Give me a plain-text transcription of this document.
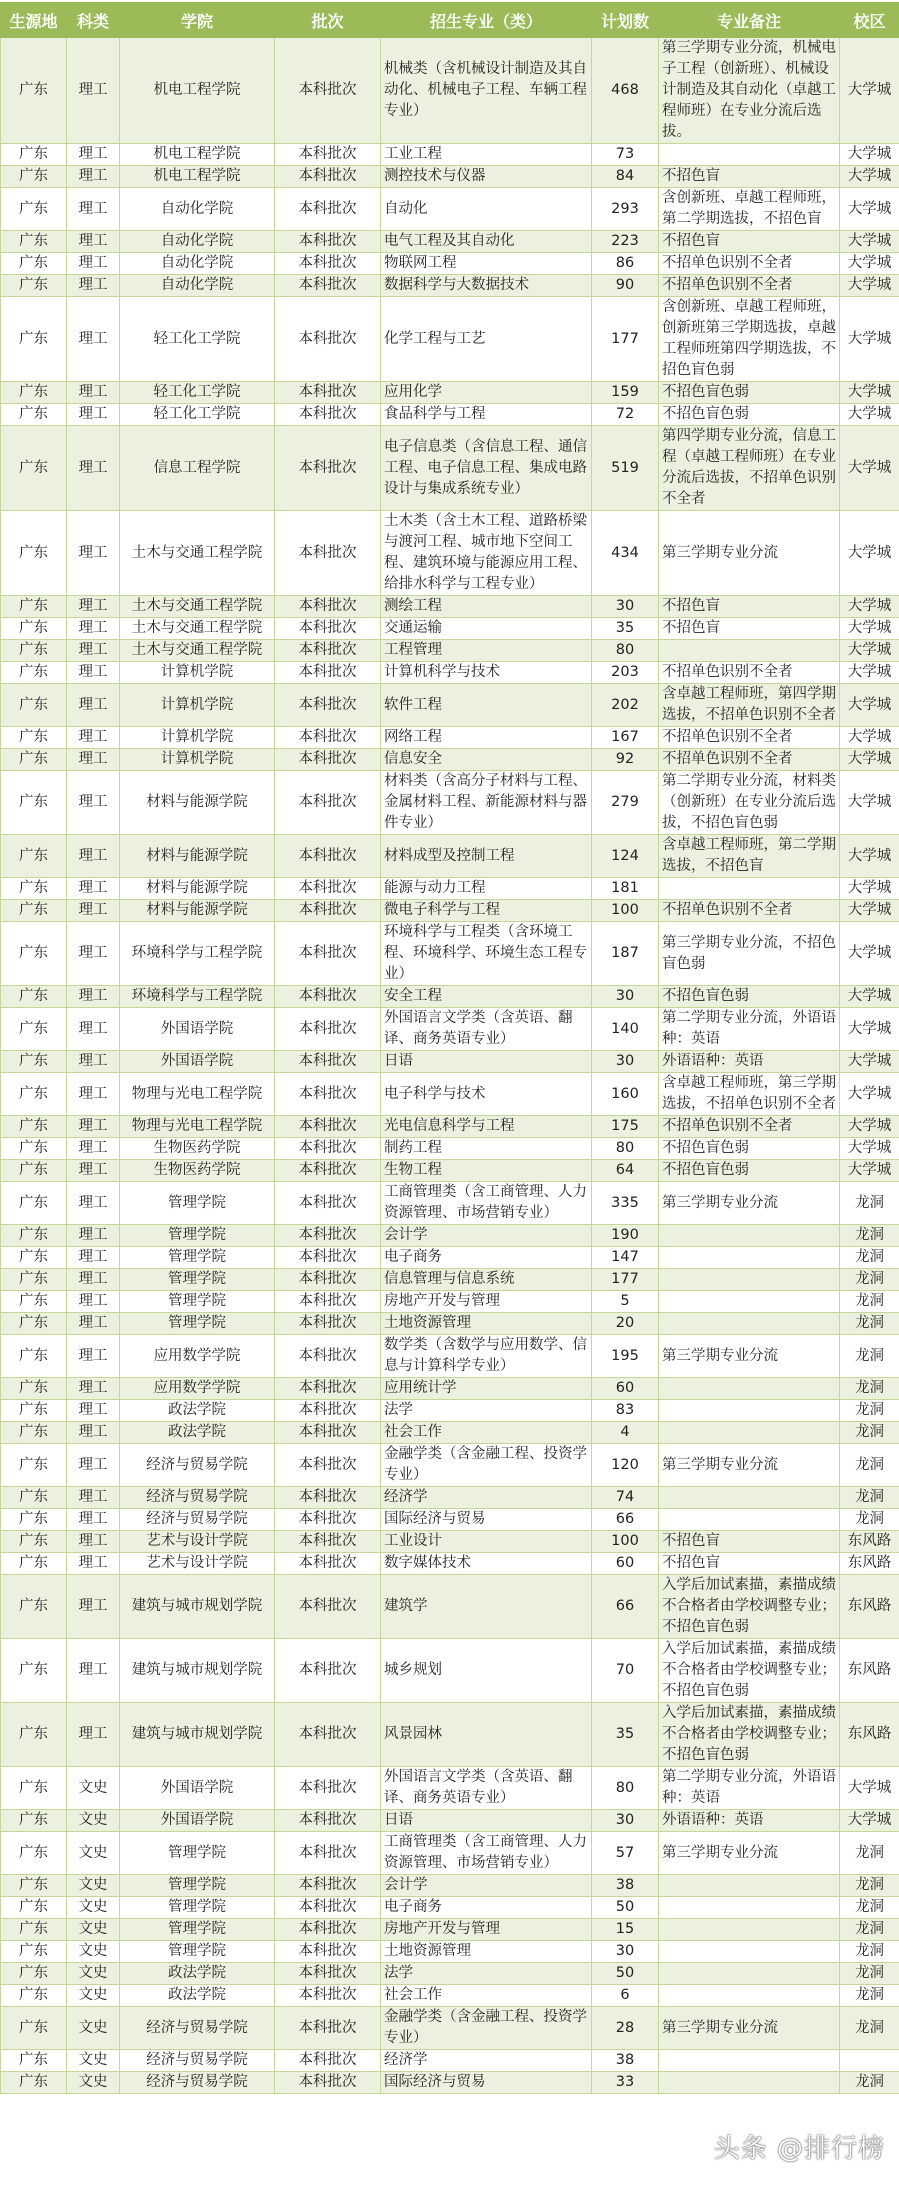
生源地	科类	学院	批次	招生专业（类）	计划数	专业备注	校区
广东	理工	机电工程学院	本科批次	机械类（含机械设计制造及其自动化、机械电子工程、车辆工程专业）	468	第三学期专业分流，机械电子工程（创新班）、机械设计制造及其自动化（卓越工程师班）在专业分流后选拔。	大学城
广东	理工	机电工程学院	本科批次	工业工程	73		大学城
广东	理工	机电工程学院	本科批次	测控技术与仪器	84	不招色盲	大学城
广东	理工	自动化学院	本科批次	自动化	293	含创新班、卓越工程师班，第二学期选拔，不招色盲	大学城
广东	理工	自动化学院	本科批次	电气工程及其自动化	223	不招色盲	大学城
广东	理工	自动化学院	本科批次	物联网工程	86	不招单色识别不全者	大学城
广东	理工	自动化学院	本科批次	数据科学与大数据技术	90	不招单色识别不全者	大学城
广东	理工	轻工化工学院	本科批次	化学工程与工艺	177	含创新班、卓越工程师班，创新班第三学期选拔，卓越工程师班第四学期选拔，不招色盲色弱	大学城
广东	理工	轻工化工学院	本科批次	应用化学	159	不招色盲色弱	大学城
广东	理工	轻工化工学院	本科批次	食品科学与工程	72	不招色盲色弱	大学城
广东	理工	信息工程学院	本科批次	电子信息类（含信息工程、通信工程、电子信息工程、集成电路设计与集成系统专业）	519	第四学期专业分流，信息工程（卓越工程师班）在专业分流后选拔，不招单色识别不全者	大学城
广东	理工	土木与交通工程学院	本科批次	土木类（含土木工程、道路桥梁与渡河工程、城市地下空间工程、建筑环境与能源应用工程、给排水科学与工程专业）	434	第三学期专业分流	大学城
广东	理工	土木与交通工程学院	本科批次	测绘工程	30	不招色盲	大学城
广东	理工	土木与交通工程学院	本科批次	交通运输	35	不招色盲	大学城
广东	理工	土木与交通工程学院	本科批次	工程管理	80		大学城
广东	理工	计算机学院	本科批次	计算机科学与技术	203	不招单色识别不全者	大学城
广东	理工	计算机学院	本科批次	软件工程	202	含卓越工程师班，第四学期选拔，不招单色识别不全者	大学城
广东	理工	计算机学院	本科批次	网络工程	167	不招单色识别不全者	大学城
广东	理工	计算机学院	本科批次	信息安全	92	不招单色识别不全者	大学城
广东	理工	材料与能源学院	本科批次	材料类（含高分子材料与工程、金属材料工程、新能源材料与器件专业）	279	第二学期专业分流，材料类（创新班）在专业分流后选拔，不招色盲色弱	大学城
广东	理工	材料与能源学院	本科批次	材料成型及控制工程	124	含卓越工程师班，第二学期选拔，不招色盲	大学城
广东	理工	材料与能源学院	本科批次	能源与动力工程	181		大学城
广东	理工	材料与能源学院	本科批次	微电子科学与工程	100	不招单色识别不全者	大学城
广东	理工	环境科学与工程学院	本科批次	环境科学与工程类（含环境工程、环境科学、环境生态工程专业）	187	第三学期专业分流，不招色盲色弱	大学城
广东	理工	环境科学与工程学院	本科批次	安全工程	30	不招色盲色弱	大学城
广东	理工	外国语学院	本科批次	外国语言文学类（含英语、翻译、商务英语专业）	140	第二学期专业分流，外语语种：英语	大学城
广东	理工	外国语学院	本科批次	日语	30	外语语种：英语	大学城
广东	理工	物理与光电工程学院	本科批次	电子科学与技术	160	含卓越工程师班，第三学期选拔，不招单色识别不全者	大学城
广东	理工	物理与光电工程学院	本科批次	光电信息科学与工程	175	不招单色识别不全者	大学城
广东	理工	生物医药学院	本科批次	制药工程	80	不招色盲色弱	大学城
广东	理工	生物医药学院	本科批次	生物工程	64	不招色盲色弱	大学城
广东	理工	管理学院	本科批次	工商管理类（含工商管理、人力资源管理、市场营销专业）	335	第三学期专业分流	龙洞
广东	理工	管理学院	本科批次	会计学	190		龙洞
广东	理工	管理学院	本科批次	电子商务	147		龙洞
广东	理工	管理学院	本科批次	信息管理与信息系统	177		龙洞
广东	理工	管理学院	本科批次	房地产开发与管理	5		龙洞
广东	理工	管理学院	本科批次	土地资源管理	20		龙洞
广东	理工	应用数学学院	本科批次	数学类（含数学与应用数学、信息与计算科学专业）	195	第三学期专业分流	龙洞
广东	理工	应用数学学院	本科批次	应用统计学	60		龙洞
广东	理工	政法学院	本科批次	法学	83		龙洞
广东	理工	政法学院	本科批次	社会工作	4		龙洞
广东	理工	经济与贸易学院	本科批次	金融学类（含金融工程、投资学专业）	120	第三学期专业分流	龙洞
广东	理工	经济与贸易学院	本科批次	经济学	74		龙洞
广东	理工	经济与贸易学院	本科批次	国际经济与贸易	66		龙洞
广东	理工	艺术与设计学院	本科批次	工业设计	100	不招色盲	东风路
广东	理工	艺术与设计学院	本科批次	数字媒体技术	60	不招色盲	东风路
广东	理工	建筑与城市规划学院	本科批次	建筑学	66	入学后加试素描，素描成绩不合格者由学校调整专业；不招色盲色弱	东风路
广东	理工	建筑与城市规划学院	本科批次	城乡规划	70	入学后加试素描，素描成绩不合格者由学校调整专业；不招色盲色弱	东风路
广东	理工	建筑与城市规划学院	本科批次	风景园林	35	入学后加试素描，素描成绩不合格者由学校调整专业；不招色盲色弱	东风路
广东	文史	外国语学院	本科批次	外国语言文学类（含英语、翻译、商务英语专业）	80	第二学期专业分流，外语语种：英语	大学城
广东	文史	外国语学院	本科批次	日语	30	外语语种：英语	大学城
广东	文史	管理学院	本科批次	工商管理类（含工商管理、人力资源管理、市场营销专业）	57	第三学期专业分流	龙洞
广东	文史	管理学院	本科批次	会计学	38		龙洞
广东	文史	管理学院	本科批次	电子商务	50		龙洞
广东	文史	管理学院	本科批次	房地产开发与管理	15		龙洞
广东	文史	管理学院	本科批次	土地资源管理	30		龙洞
广东	文史	政法学院	本科批次	法学	50		龙洞
广东	文史	政法学院	本科批次	社会工作	6		龙洞
广东	文史	经济与贸易学院	本科批次	金融学类（含金融工程、投资学专业）	28	第三学期专业分流	龙洞
广东	文史	经济与贸易学院	本科批次	经济学	38		
广东	文史	经济与贸易学院	本科批次	国际经济与贸易	33		龙洞
头条 @排行榜
